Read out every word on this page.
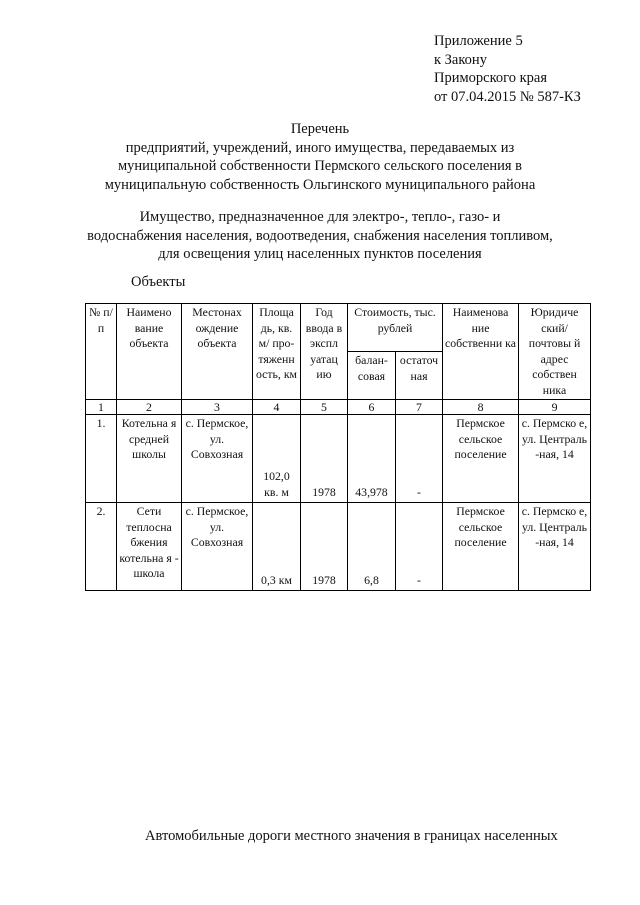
Приложение 5
к Закону
Приморского края
от 07.04.2015 № 587-КЗ
Перечень
предприятий, учреждений, иного имущества, передаваемых из
муниципальной собственности Пермского сельского поселения в
муниципальную собственность Ольгинского муниципального района
Имущество, предназначенное для электро-, тепло-, газо- и
водоснабжения населения, водоотведения, снабжения населения топливом,
для освещения улиц населенных пунктов поселения
Объекты
№ п/п	Наимено вание объекта	Местонах ождение объекта	Площа дь, кв. м/ про- тяженн ость, км	Год ввода в экспл уатац ию	Стоимость, тыс. рублей		Наименова ние собственни ка	Юридиче ский/ почтовы й адрес собствен ника
					балан- совая	остаточ ная		
1	2	3	4	5	6	7	8	9
1.	Котельна я средней школы	с. Пермское, ул. Совхозная	102,0 кв. м	1978	43,978	-	Пермское сельское поселение	с. Пермско е, ул. Централь -ная, 14
2.	Сети теплосна бжения котельна я - школа	с. Пермское, ул. Совхозная	0,3 км	1978	6,8	-	Пермское сельское поселение	с. Пермско е, ул. Централь -ная, 14
Автомобильные дороги местного значения в границах населенных
